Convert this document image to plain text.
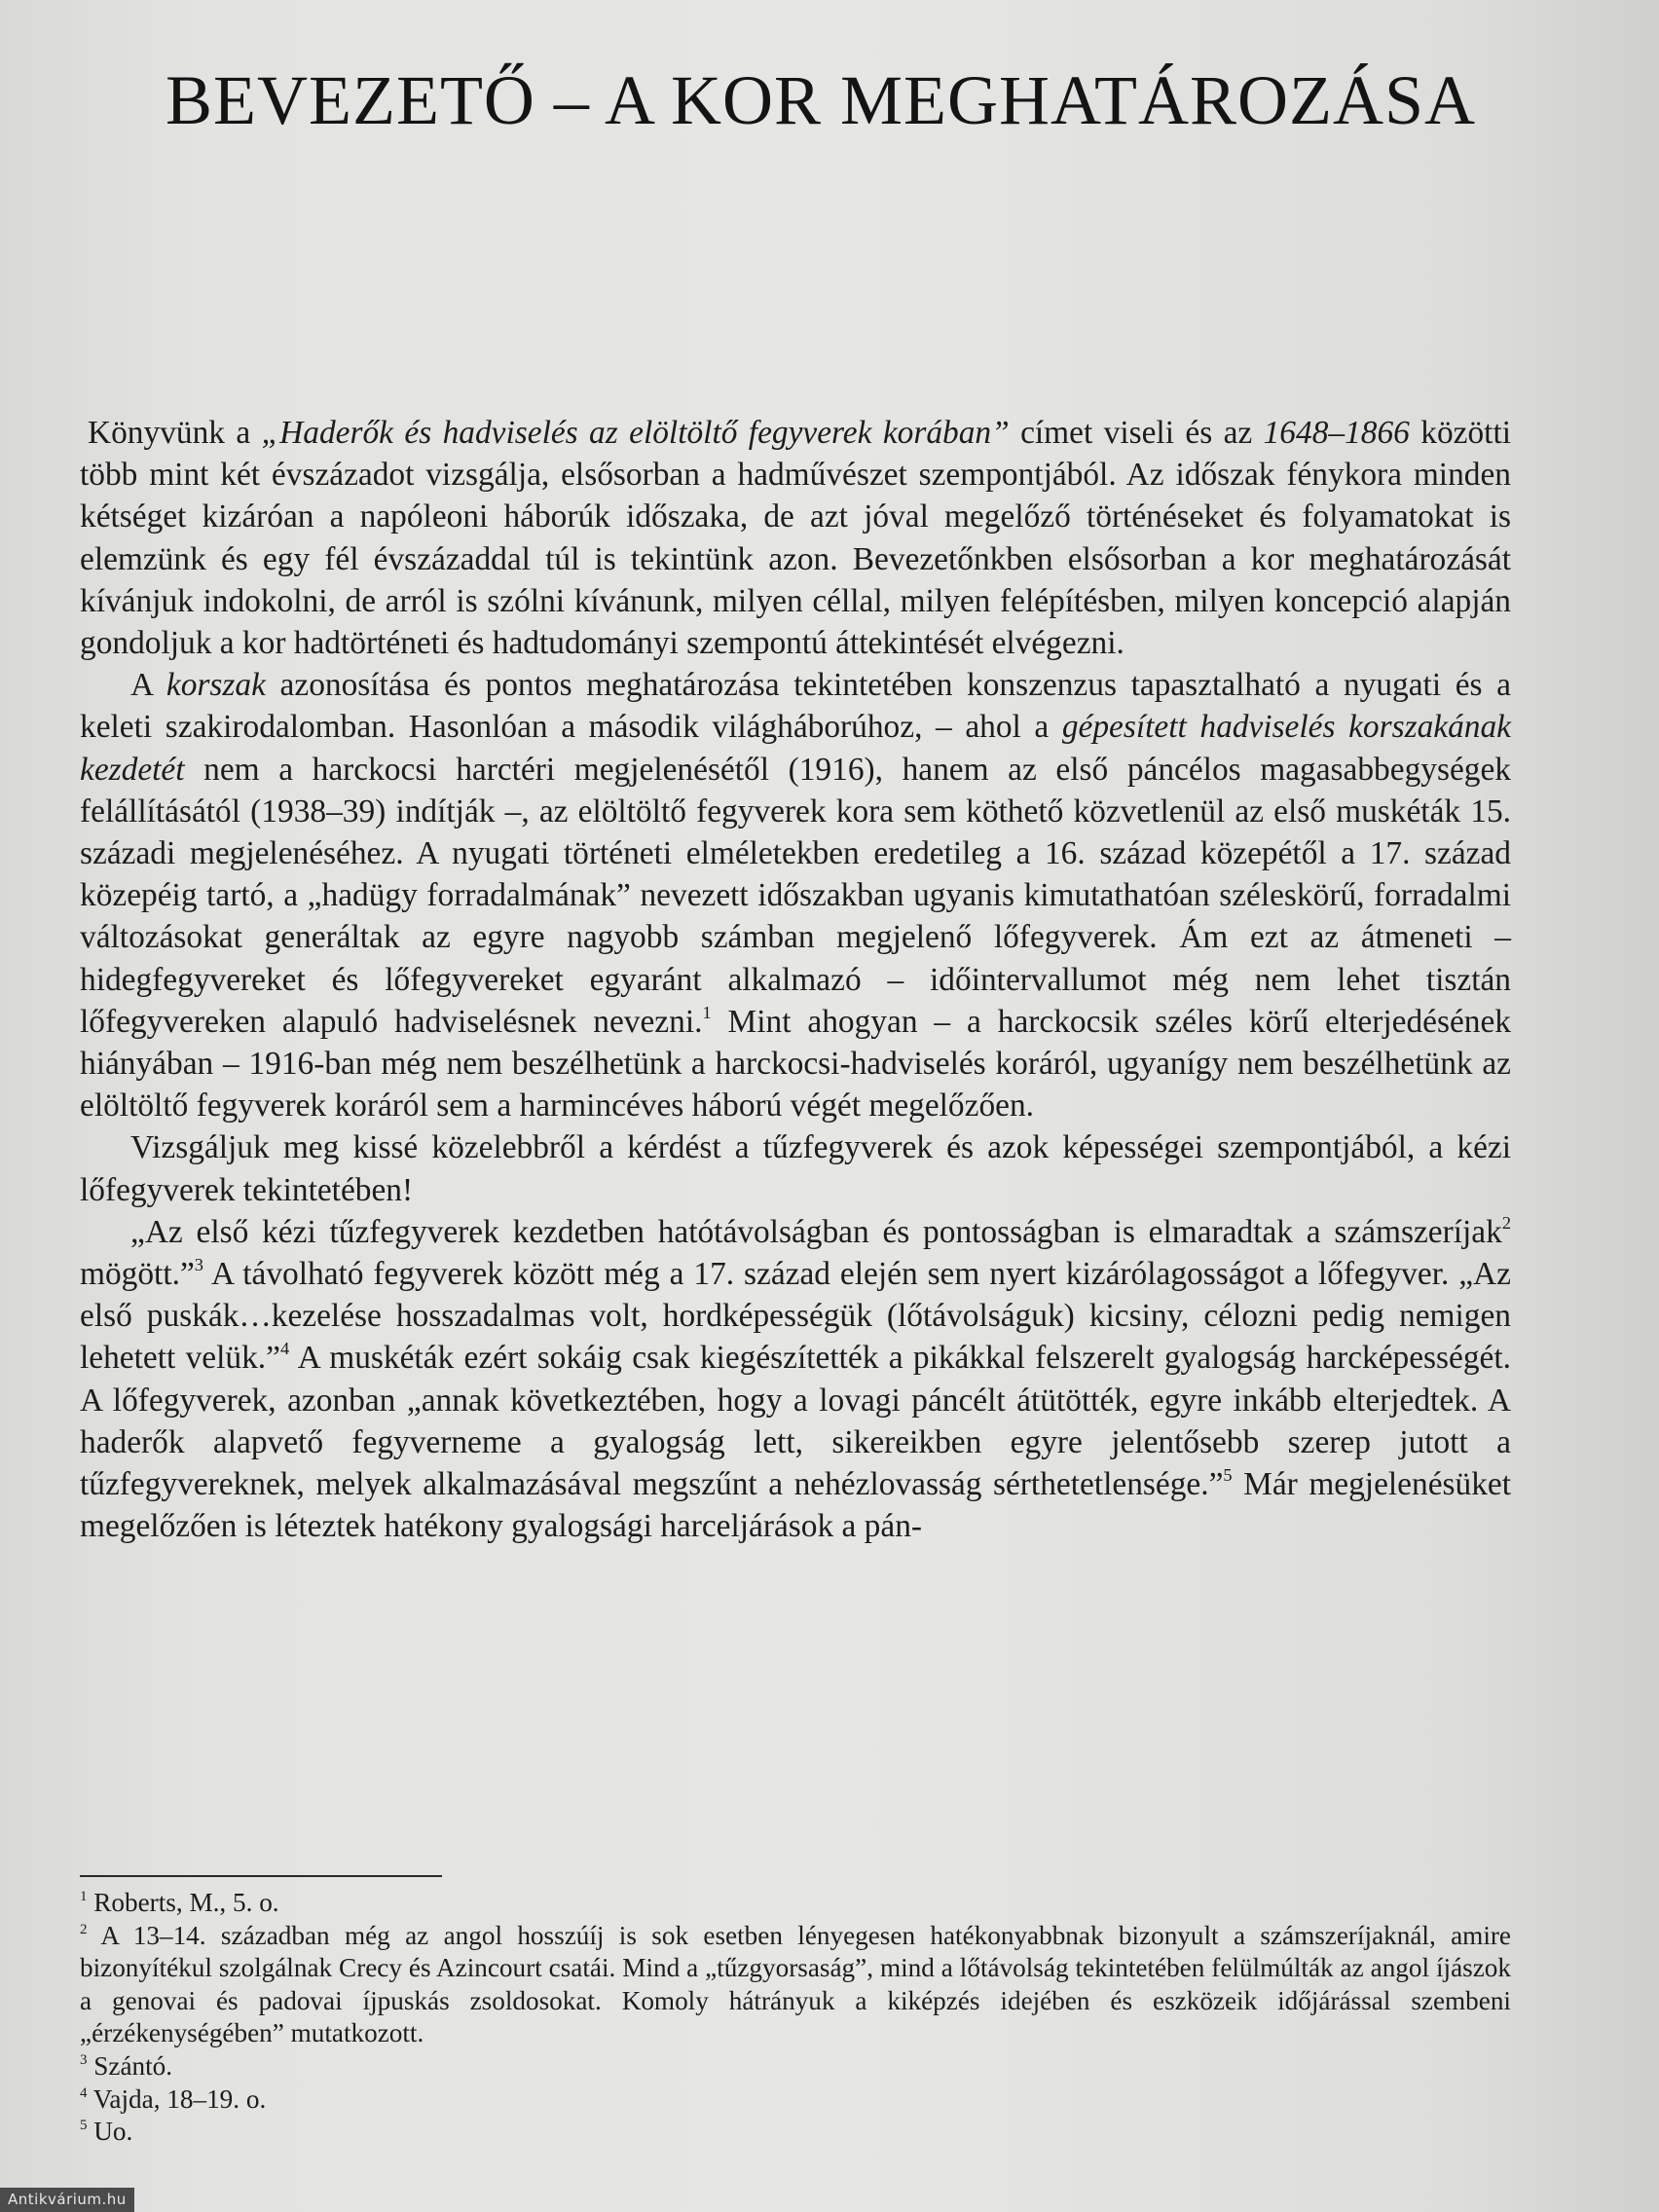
BEVEZETŐ – A KOR MEGHATÁROZÁSA

Könyvünk a „Haderők és hadviselés az elöltöltő fegyverek korában” címet viseli és az 1648–1866 közötti több mint két évszázadot vizsgálja, elsősorban a hadművészet szempontjából. Az időszak fénykora minden kétséget kizáróan a napóleoni háborúk időszaka, de azt jóval megelőző történéseket és folyamatokat is elemzünk és egy fél évszázaddal túl is tekintünk azon. Bevezetőnkben elsősorban a kor meghatározását kívánjuk indokolni, de arról is szólni kívánunk, milyen céllal, milyen felépítésben, milyen koncepció alapján gondoljuk a kor hadtörténeti és hadtudományi szempontú áttekintését elvégezni.

A korszak azonosítása és pontos meghatározása tekintetében konszenzus tapasztalható a nyugati és a keleti szakirodalomban. Hasonlóan a második világháborúhoz, – ahol a gépesített hadviselés korszakának kezdetét nem a harckocsi harctéri megjelenésétől (1916), hanem az első páncélos magasabbegységek felállításától (1938–39) indítják –, az elöltöltő fegyverek kora sem köthető közvetlenül az első muskéták 15. századi megjelenéséhez. A nyugati történeti elméletekben eredetileg a 16. század közepétől a 17. század közepéig tartó, a „hadügy forradalmának” nevezett időszakban ugyanis kimutathatóan széleskörű, forradalmi változásokat generáltak az egyre nagyobb számban megjelenő lőfegyverek. Ám ezt az átmeneti – hidegfegyvereket és lőfegyvereket egyaránt alkalmazó – időintervallumot még nem lehet tisztán lőfegyvereken alapuló hadviselésnek nevezni.$^1$ Mint ahogyan – a harckocsik széles körű elterjedésének hiányában – 1916-ban még nem beszélhetünk a harckocsi-hadviselés koráról, ugyanígy nem beszélhetünk az elöltöltő fegyverek koráról sem a harmincéves háború végét megelőzően.

Vizsgáljuk meg kissé közelebbről a kérdést a tűzfegyverek és azok képességei szempontjából, a kézi lőfegyverek tekintetében!

„Az első kézi tűzfegyverek kezdetben hatótávolságban és pontosságban is elmaradtak a számszeríjak$^2$ mögött.”$^3$ A távolható fegyverek között még a 17. század elején sem nyert kizárólagosságot a lőfegyver. „Az első puskák…kezelése hosszadalmas volt, hordképességük (lőtávolságuk) kicsiny, célozni pedig nemigen lehetett velük.”$^4$ A muskéták ezért sokáig csak kiegészítették a pikákkal felszerelt gyalogság harcképességét. A lőfegyverek, azonban „annak következtében, hogy a lovagi páncélt átütötték, egyre inkább elterjedtek. A haderők alapvető fegyverneme a gyalogság lett, sikereikben egyre jelentősebb szerep jutott a tűzfegyvereknek, melyek alkalmazásával megszűnt a nehézlovasság sérthetetlensége.”$^5$ Már megjelenésüket megelőzően is léteztek hatékony gyalogsági harceljárások a pán-

$^1$ Roberts, M., 5. o.

$^2$ A 13–14. században még az angol hosszúíj is sok esetben lényegesen hatékonyabbnak bizonyult a számszeríjaknál, amire bizonyítékul szolgálnak Crecy és Azincourt csatái. Mind a „tűzgyorsaság”, mind a lőtávolság tekintetében felülmúlták az angol íjászok a genovai és padovai íjpuskás zsoldosokat. Komoly hátrányuk a kiképzés idejében és eszközeik időjárással szembeni „érzékenységében” mutatkozott.

$^3$ Szántó.

$^4$ Vajda, 18–19. o.

$^5$ Uo.

Antikvárium.hu
